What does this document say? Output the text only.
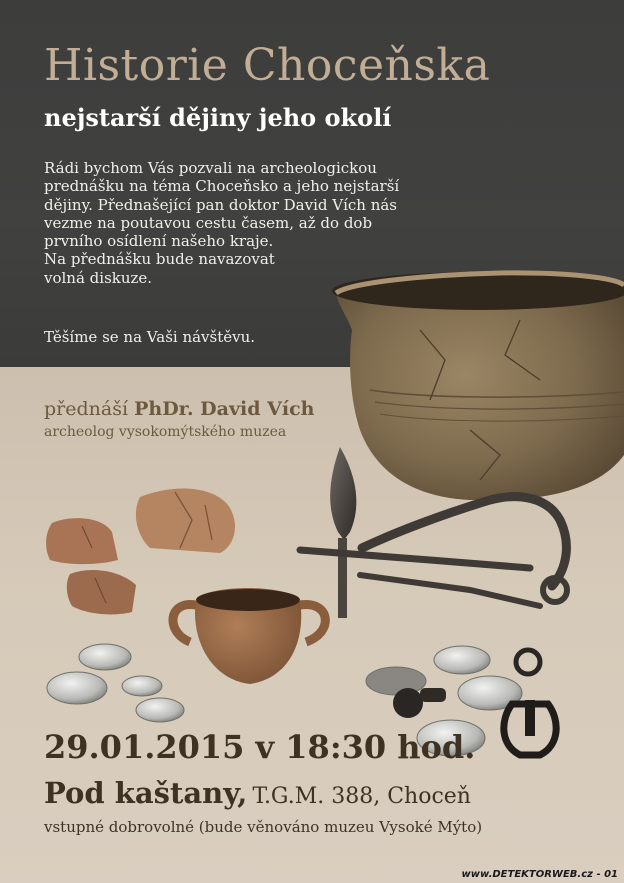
Historie Choceňska
nejstarší dějiny jeho okolí
Rádi bychom Vás pozvali na archeologickou
prednášku na téma Choceňsko a jeho nejstarší
dějiny. Přednašející pan doktor David Vích nás
vezme na poutavou cestu časem, až do dob
prvního osídlení našeho kraje.
Na přednášku bude navazovat
volná diskuze.
Těšíme se na Vaši návštěvu.
přednáší PhDr. David Vích
archeolog vysokomýtského muzea
29.01.2015 v 18:30 hod.
Pod kaštany, T.G.M. 388, Choceň
vstupné dobrovolné (bude věnováno muzeu Vysoké Mýto)
www.DETEKTORWEB.cz - 01
